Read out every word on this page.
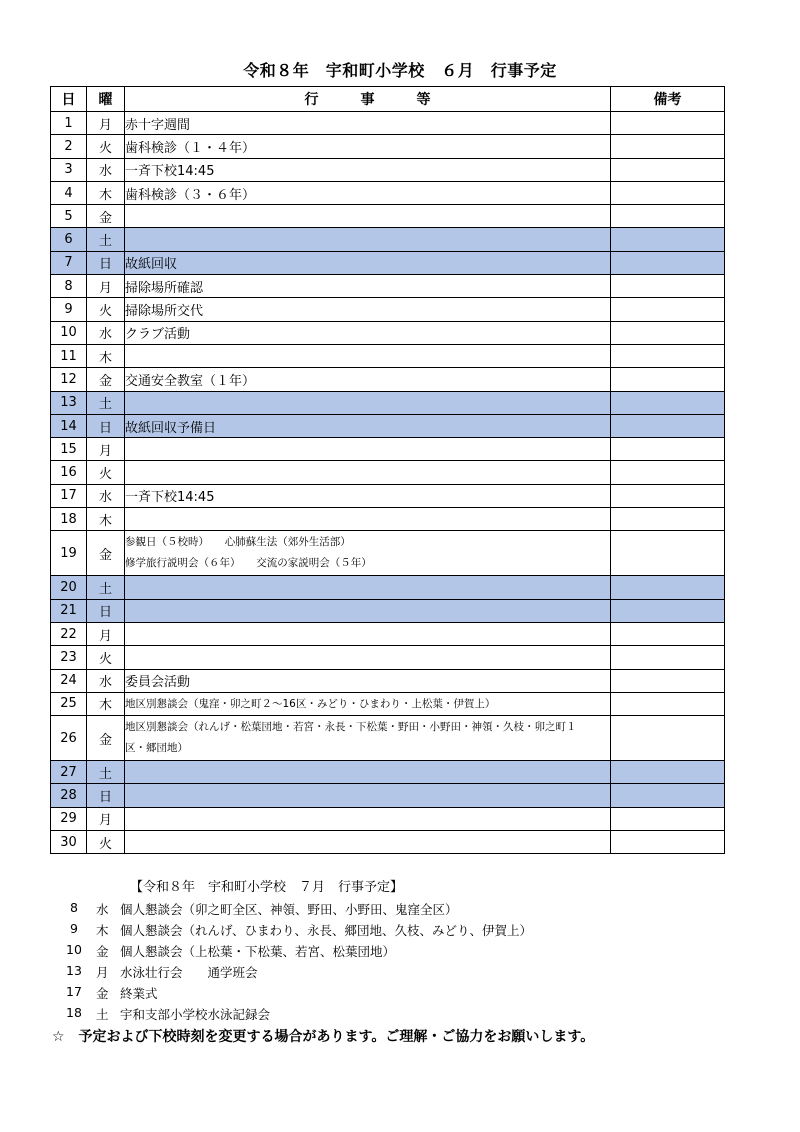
令和８年　宇和町小学校　６月　行事予定
日	曜	行　　　事　　　等	備考
1	月	赤十字週間	

2	火	歯科検診（１・４年）	

3	水	一斉下校14:45	

4	木	歯科検診（３・６年）	

5	金		
6	土		
7	日	故紙回収	

8	月	掃除場所確認	

9	火	掃除場所交代	

10	水	クラブ活動	

11	木		
12	金	交通安全教室（１年）	

13	土		
14	日	故紙回収予備日	

15	月		
16	火		
17	水	一斉下校14:45	

18	木		
19	金	参観日（５校時）　　心肺蘇生法（郊外生活部）
修学旅行説明会（６年）　　交流の家説明会（５年）	

20	土		
21	日		
22	月		
23	火		
24	水	委員会活動	

25	木	地区別懇談会（鬼窪・卯之町２～16区・みどり・ひまわり・上松葉・伊賀上）	

26	金	地区別懇談会（れんげ・松葉団地・若宮・永長・下松葉・野田・小野田・神領・久枝・卯之町１
区・郷団地）	

27	土		
28	日		
29	月		
30	火		
【令和８年　宇和町小学校　７月　行事予定】
8	水 個人懇談会（卯之町全区、神領、野田、小野田、鬼窪全区）
9	木 個人懇談会（れんげ、ひまわり、永長、郷団地、久枝、みどり、伊賀上）
10	金 個人懇談会（上松葉・下松葉、若宮、松葉団地）
13	月 水泳壮行会　　通学班会
17	金 終業式
18	土 宇和支部小学校水泳記録会
☆　予定および下校時刻を変更する場合があります。ご理解・ご協力をお願いします。
